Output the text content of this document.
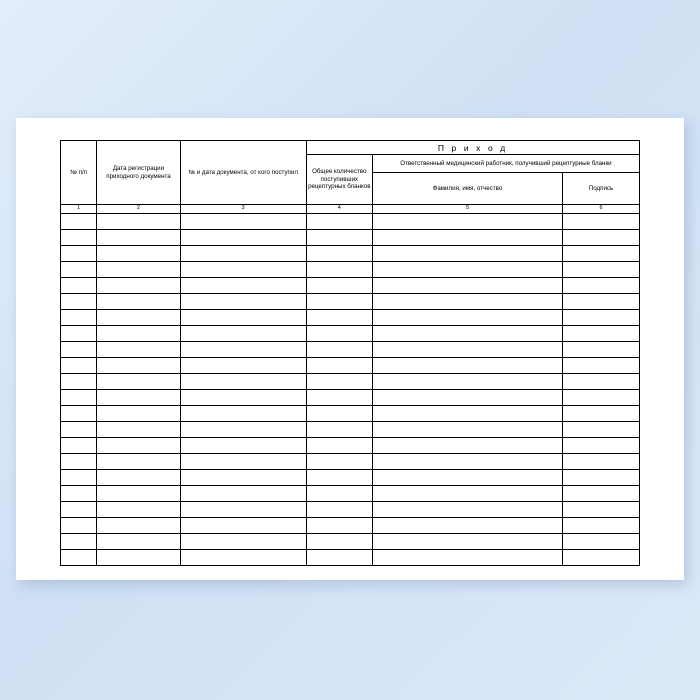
№ п/п	Дата регистрации приходного документа	№ и дата документа, от кого поступил	П р и х о д		
			Общее количество поступивших рецептурных бланков	Ответственный медицинский работник, получивший рецептурные бланки	
				Фамилия, имя, отчество	Подпись
1	2	3	4	5	6
